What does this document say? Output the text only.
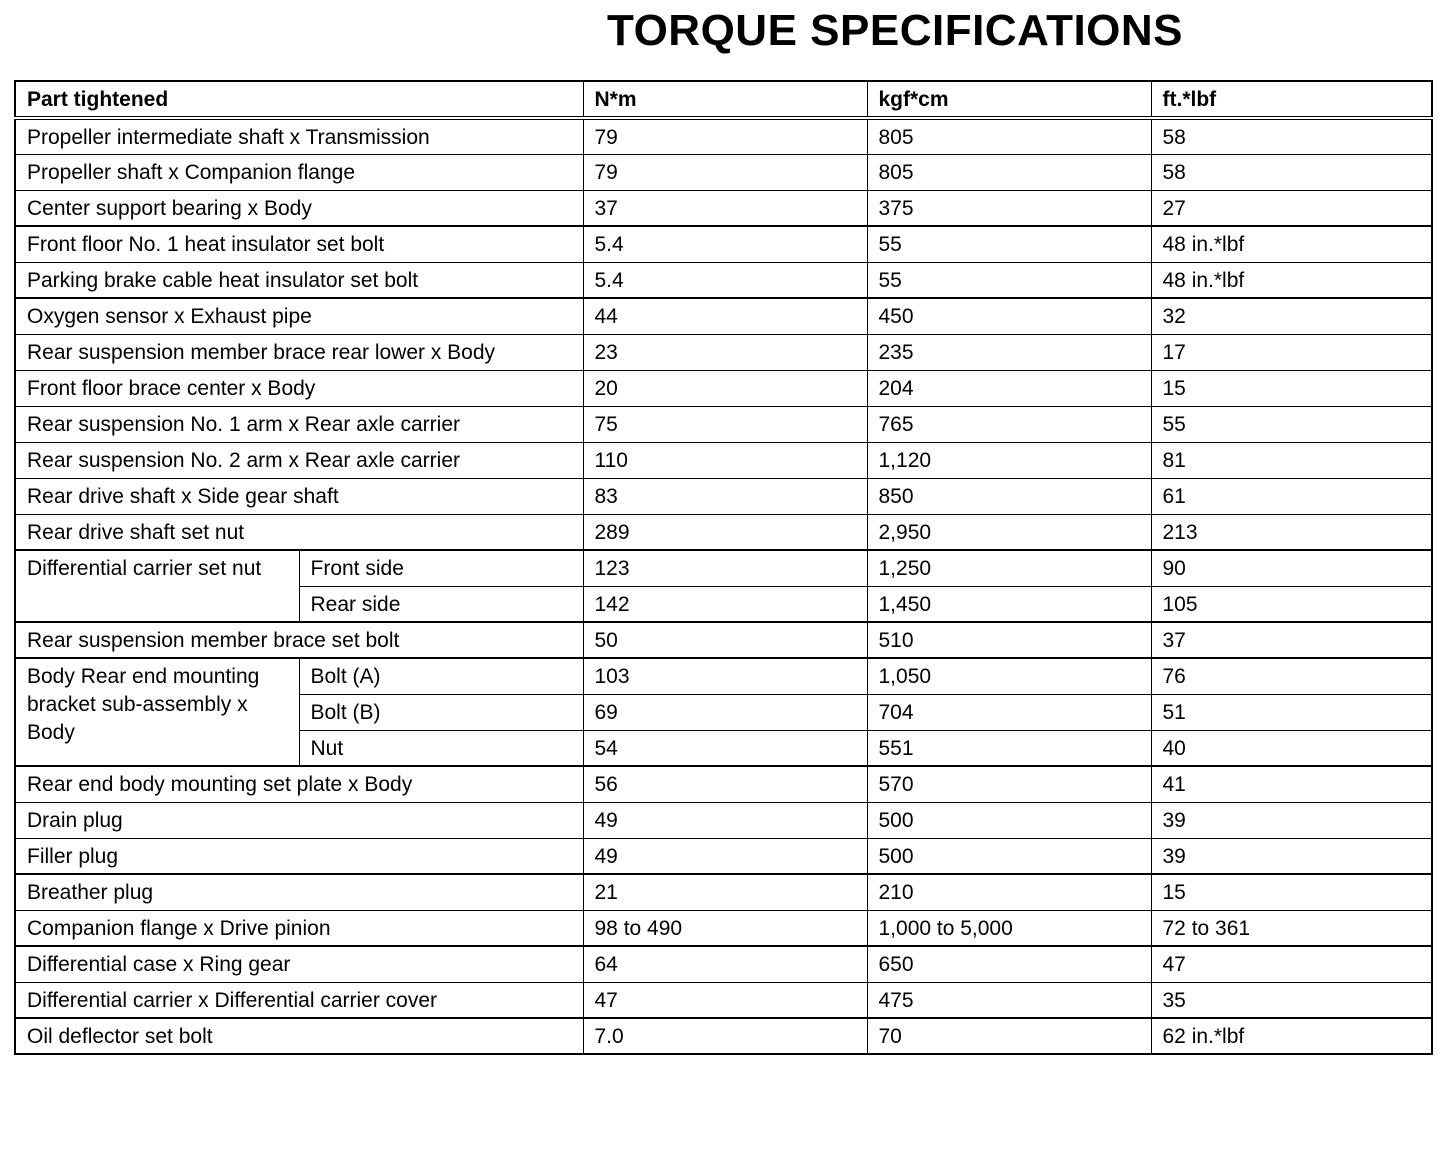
TORQUE SPECIFICATIONS
Part tightened		N*m	kgf*cm	ft.*lbf
Propeller intermediate shaft x Transmission		79	805	58
Propeller shaft x Companion flange		79	805	58
Center support bearing x Body		37	375	27
Front floor No. 1 heat insulator set bolt		5.4	55	48 in.*lbf
Parking brake cable heat insulator set bolt		5.4	55	48 in.*lbf
Oxygen sensor x Exhaust pipe		44	450	32
Rear suspension member brace rear lower x Body		23	235	17
Front floor brace center x Body		20	204	15
Rear suspension No. 1 arm x Rear axle carrier		75	765	55
Rear suspension No. 2 arm x Rear axle carrier		110	1,120	81
Rear drive shaft x Side gear shaft		83	850	61
Rear drive shaft set nut		289	2,950	213
Differential carrier set nut	Front side	123	1,250	90
	Rear side	142	1,450	105
Rear suspension member brace set bolt		50	510	37
Body Rear end mounting bracket sub-assembly x Body	Bolt (A)	103	1,050	76
	Bolt (B)	69	704	51
	Nut	54	551	40
Rear end body mounting set plate x Body		56	570	41
Drain plug		49	500	39
Filler plug		49	500	39
Breather plug		21	210	15
Companion flange x Drive pinion		98 to 490	1,000 to 5,000	72 to 361
Differential case x Ring gear		64	650	47
Differential carrier x Differential carrier cover		47	475	35
Oil deflector set bolt		7.0	70	62 in.*lbf
